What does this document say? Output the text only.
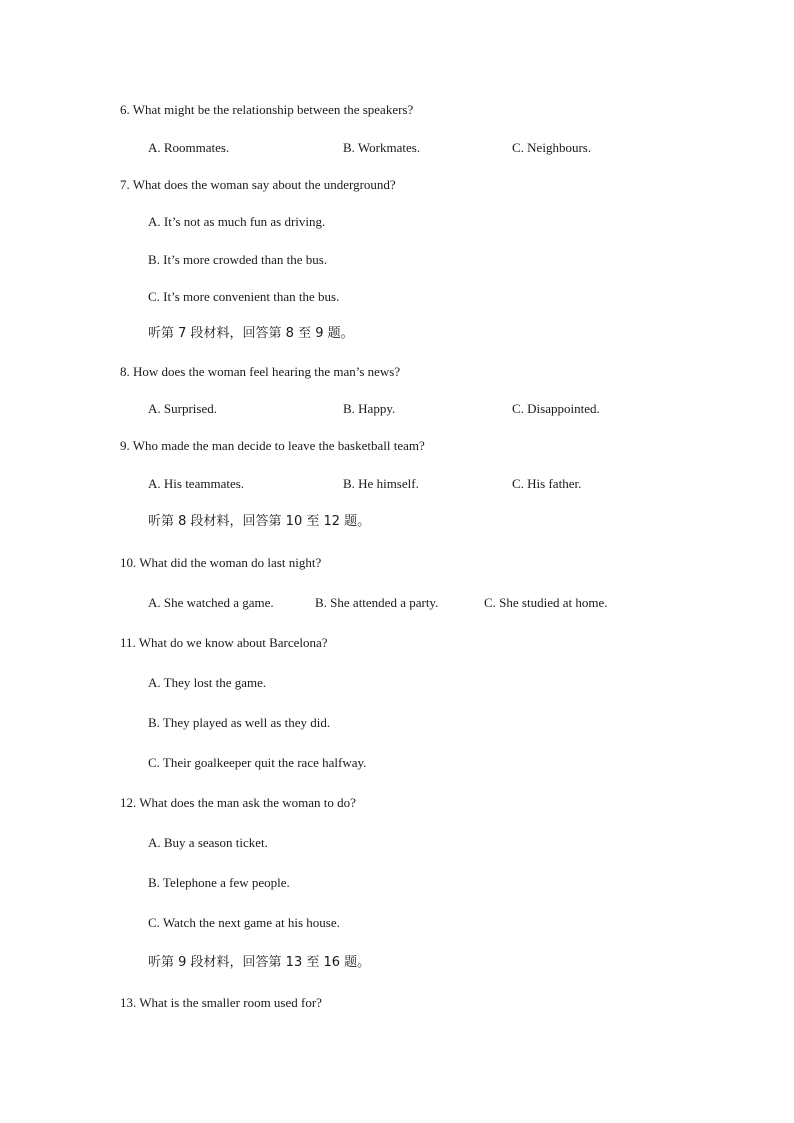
6. What might be the relationship between the speakers?
A. Roommates.	B. Workmates.	C. Neighbours.
7. What does the woman say about the underground?
A. It’s not as much fun as driving.
B. It’s more crowded than the bus.
C. It’s more convenient than the bus.
听第 7 段材料，回答第 8 至 9 题。
8. How does the woman feel hearing the man’s news?
A. Surprised.	B. Happy.	C. Disappointed.
9. Who made the man decide to leave the basketball team?
A. His teammates.	B. He himself.	C. His father.
听第 8 段材料，回答第 10 至 12 题。
10. What did the woman do last night?
A. She watched a game.	B. She attended a party.	C. She studied at home.
11. What do we know about Barcelona?
A. They lost the game.
B. They played as well as they did.
C. Their goalkeeper quit the race halfway.
12. What does the man ask the woman to do?
A. Buy a season ticket.
B. Telephone a few people.
C. Watch the next game at his house.
听第 9 段材料，回答第 13 至 16 题。
13. What is the smaller room used for?
